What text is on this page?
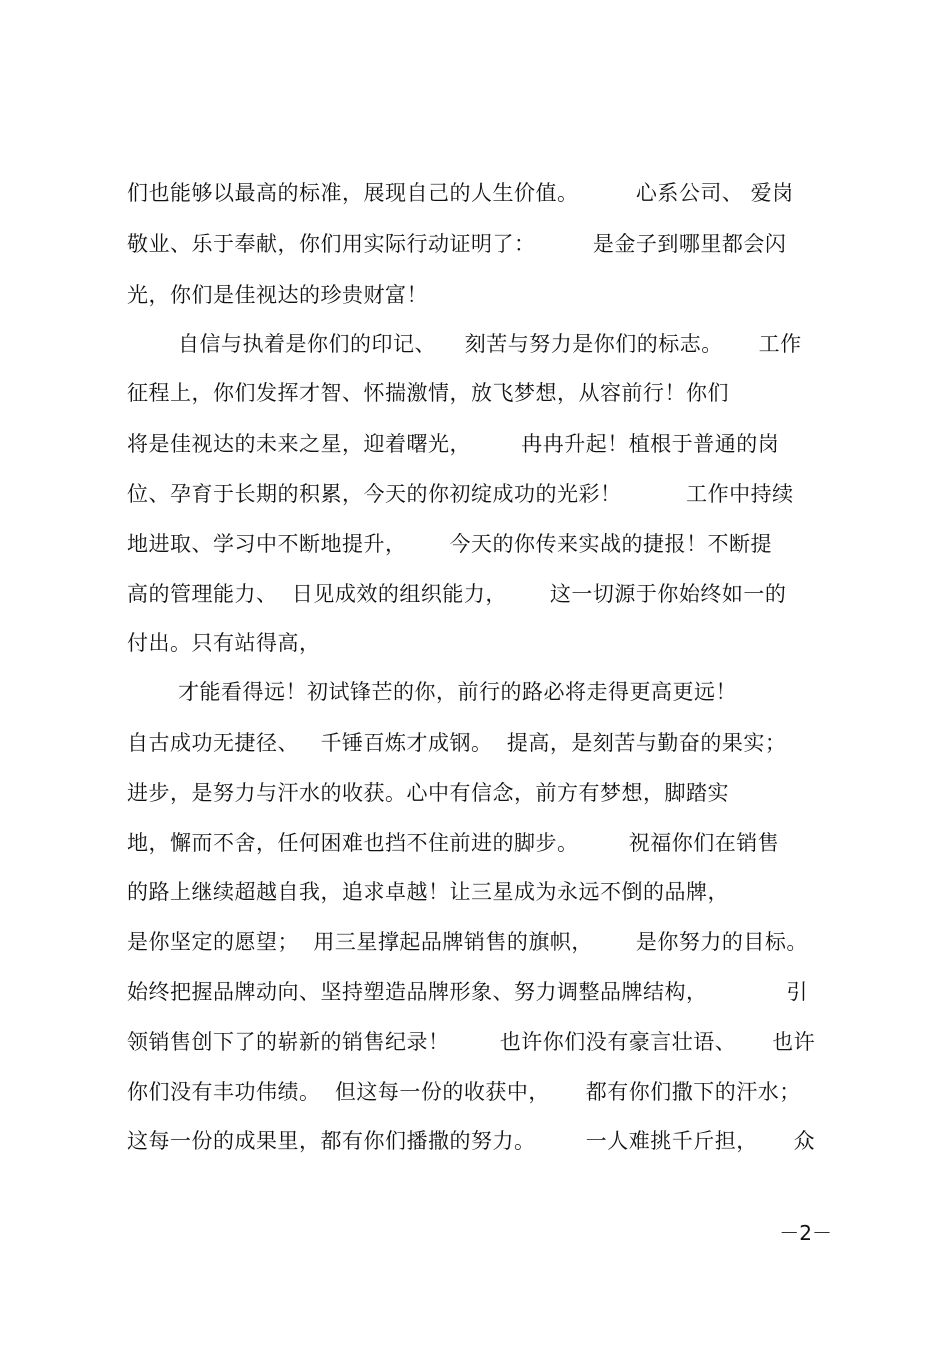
们也能够以最高的标准，展现自己的人生价值。        心系公司、 爱岗
敬业、乐于奉献，你们用实际行动证明了：        是金子到哪里都会闪
光，你们是佳视达的珍贵财富！
自信与执着是你们的印记、    刻苦与努力是你们的标志。     工作
征程上，你们发挥才智、怀揣激情，放飞梦想，从容前行！你们
将是佳视达的未来之星，迎着曙光，       冉冉升起！植根于普通的岗
位、孕育于长期的积累，今天的你初绽成功的光彩！         工作中持续
地进取、学习中不断地提升，      今天的你传来实战的捷报！不断提
高的管理能力、  日见成效的组织能力，      这一切源于你始终如一的
付出。只有站得高，
才能看得远！初试锋芒的你，前行的路必将走得更高更远！
自古成功无捷径、   千锤百炼才成钢。  提高，是刻苦与勤奋的果实；
进步，是努力与汗水的收获。心中有信念，前方有梦想，脚踏实
地，懈而不舍，任何困难也挡不住前进的脚步。       祝福你们在销售
的路上继续超越自我，追求卓越！让三星成为永远不倒的品牌，
是你坚定的愿望；  用三星撑起品牌销售的旗帜，      是你努力的目标。
始终把握品牌动向、坚持塑造品牌形象、努力调整品牌结构，           引
领销售创下了的崭新的销售纪录！       也许你们没有豪言壮语、     也许
你们没有丰功伟绩。  但这每一份的收获中，     都有你们撒下的汗水；
这每一份的成果里，都有你们播撒的努力。       一人难挑千斤担，     众
－2－
